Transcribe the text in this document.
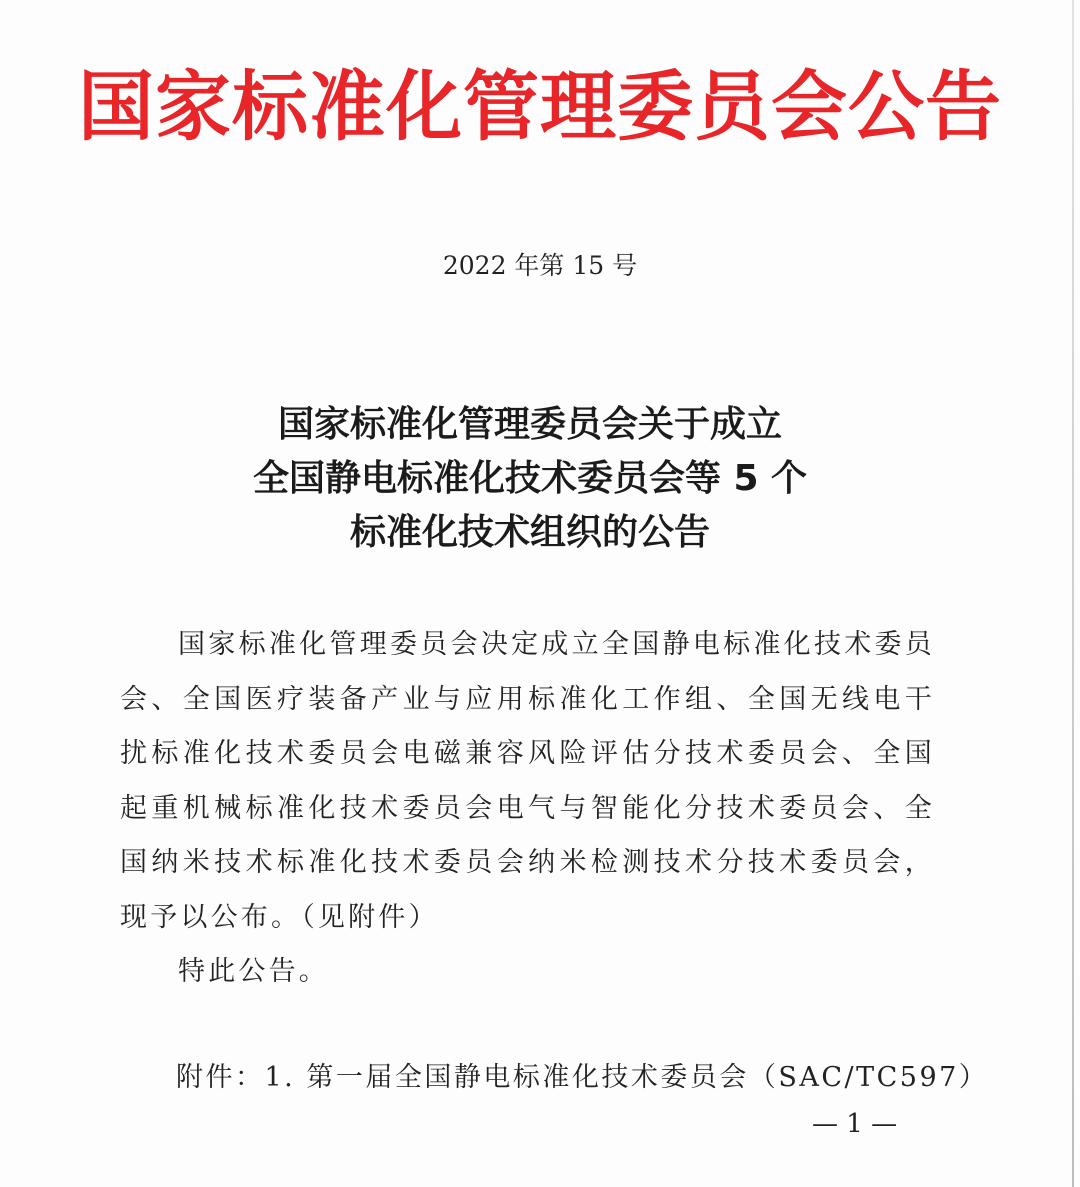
国家标准化管理委员会公告
2022 年第 15 号
国家标准化管理委员会关于成立
全国静电标准化技术委员会等 5 个
标准化技术组织的公告

国家标准化管理委员会决定成立全国静电标准化技术委员会、全国医疗装备产业与应用标准化工作组、全国无线电干扰标准化技术委员会电磁兼容风险评估分技术委员会、全国起重机械标准化技术委员会电气与智能化分技术委员会、全国纳米技术标准化技术委员会纳米检测技术分技术委员会，现予以公布。（见附件）

特此公告。

附件：1. 第一届全国静电标准化技术委员会（SAC/TC597）
— 1 —
